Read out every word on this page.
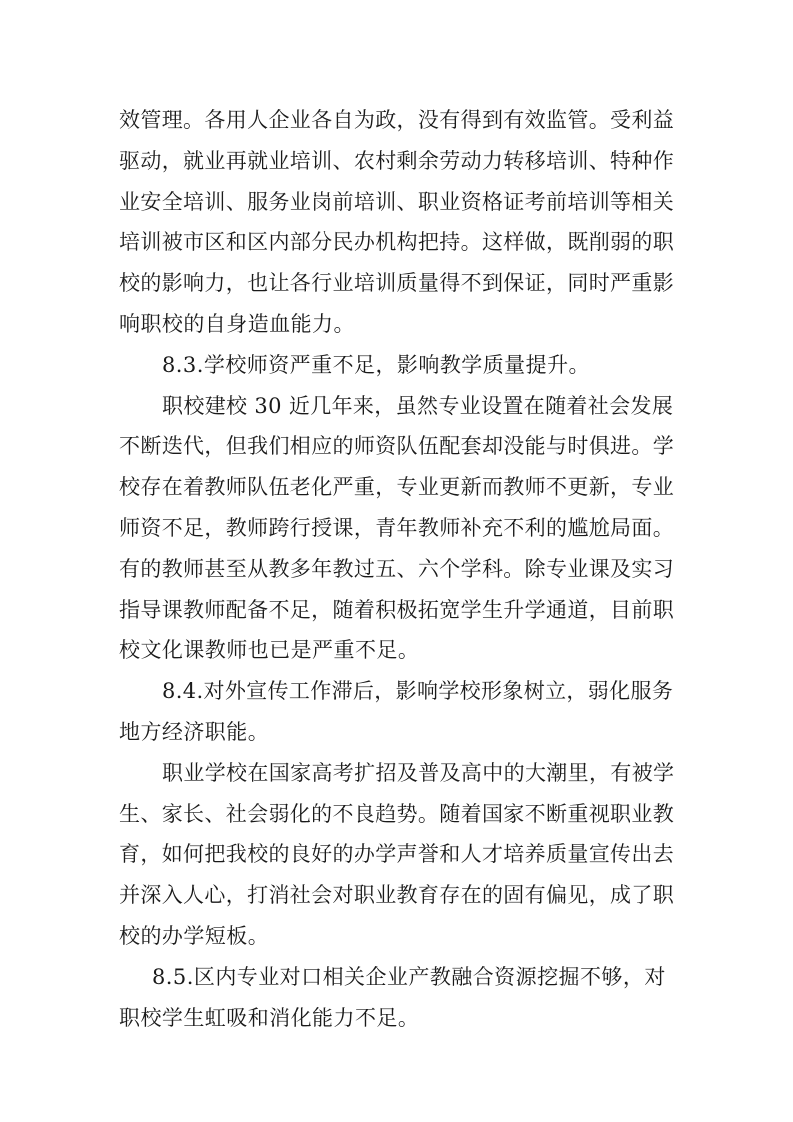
效管理。各用人企业各自为政，没有得到有效监管。受利益
驱动，就业再就业培训、农村剩余劳动力转移培训、特种作
业安全培训、服务业岗前培训、职业资格证考前培训等相关
培训被市区和区内部分民办机构把持。这样做，既削弱的职
校的影响力，也让各行业培训质量得不到保证，同时严重影
响职校的自身造血能力。
8.3.学校师资严重不足，影响教学质量提升。
职校建校 30 近几年来，虽然专业设置在随着社会发展
不断迭代，但我们相应的师资队伍配套却没能与时俱进。学
校存在着教师队伍老化严重，专业更新而教师不更新，专业
师资不足，教师跨行授课，青年教师补充不利的尴尬局面。
有的教师甚至从教多年教过五、六个学科。除专业课及实习
指导课教师配备不足，随着积极拓宽学生升学通道，目前职
校文化课教师也已是严重不足。
8.4.对外宣传工作滞后，影响学校形象树立，弱化服务
地方经济职能。
职业学校在国家高考扩招及普及高中的大潮里，有被学
生、家长、社会弱化的不良趋势。随着国家不断重视职业教
育，如何把我校的良好的办学声誉和人才培养质量宣传出去
并深入人心，打消社会对职业教育存在的固有偏见，成了职
校的办学短板。
8.5.区内专业对口相关企业产教融合资源挖掘不够，对
职校学生虹吸和消化能力不足。
